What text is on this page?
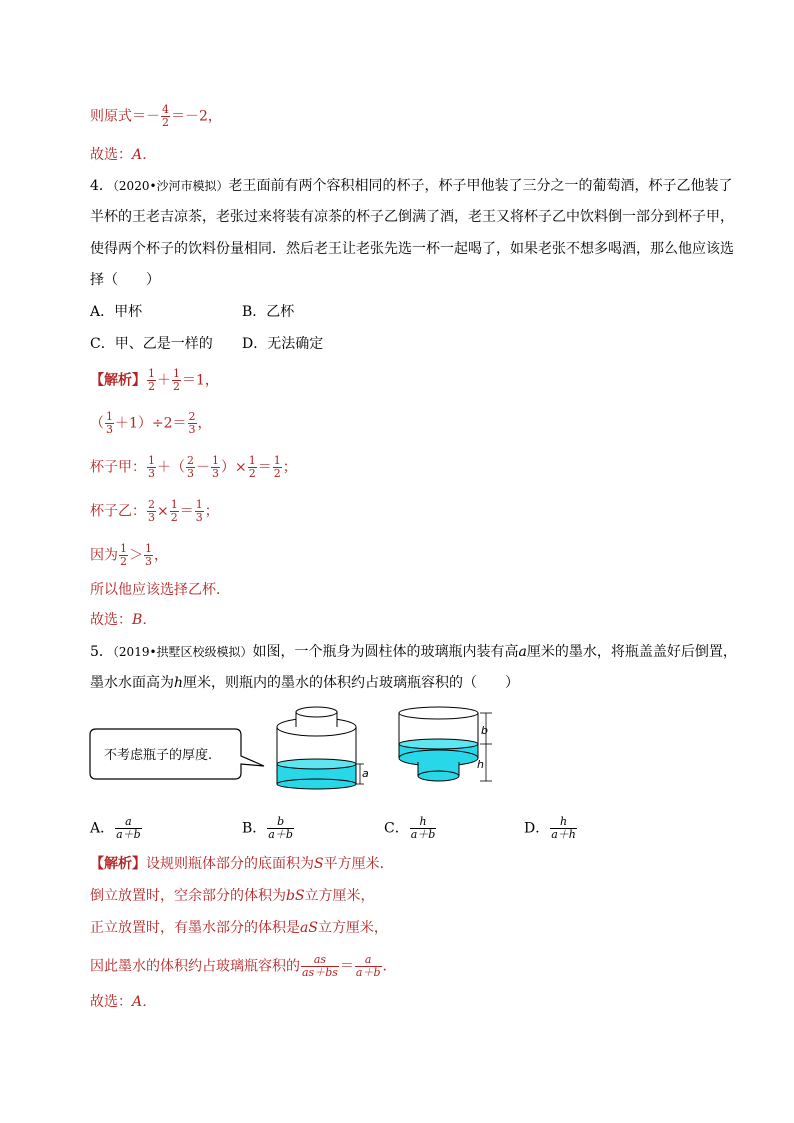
则原式＝－ $\frac{4}{2} =-2$，
故选：A．
4．（2020•沙河市模拟）老王面前有两个容积相同的杯子，杯子甲他装了三分之一的葡萄酒，杯子乙他装了
半杯的王老吉凉茶，老张过来将装有凉茶的杯子乙倒满了酒，老王又将杯子乙中饮料倒一部分到杯子甲，
使得两个杯子的饮料份量相同．然后老王让老张先选一杯一起喝了，如果老张不想多喝酒，那么他应该选
择（　　）
A．甲杯	B．乙杯
C．甲、乙是一样的 D．无法确定
【解析】 $\frac{1}{2} + \frac{1}{2} =1$，
（ $\frac{1}{3} +1)\div 2= \frac{2}{3}$ ，
杯子甲： $\frac{1}{3}$ ＋（ $\frac{2}{3} - \frac{1}{3}$ ）× $\frac{1}{2} = \frac{1}{2}$ ；
杯子乙： $\frac{2}{3} \times \frac{1}{2} = \frac{1}{3}$ ；
因为 $\frac{1}{2} > \frac{1}{3}$ ，
所以他应该选择乙杯．
故选：B．
5．（2019•拱墅区校级模拟）如图，一个瓶身为圆柱体的玻璃瓶内装有高a厘米的墨水，将瓶盖盖好后倒置，
墨水水面高为h厘米，则瓶内的墨水的体积约占玻璃瓶容积的（　　）
不考虑瓶子的厚度.
a
b
h
A． $\frac{a}{a+b}$	B． $\frac{b}{a+b}$	C． $\frac{h}{a+b}$	D． $\frac{h}{a+h}$
【解析】设规则瓶体部分的底面积为S平方厘米．
倒立放置时，空余部分的体积为bS立方厘米，
正立放置时，有墨水部分的体积是aS立方厘米，
因此墨水的体积约占玻璃瓶容积的 $\frac{as}{as+bs} = \frac{a}{a+b}$ ．
故选：A．
